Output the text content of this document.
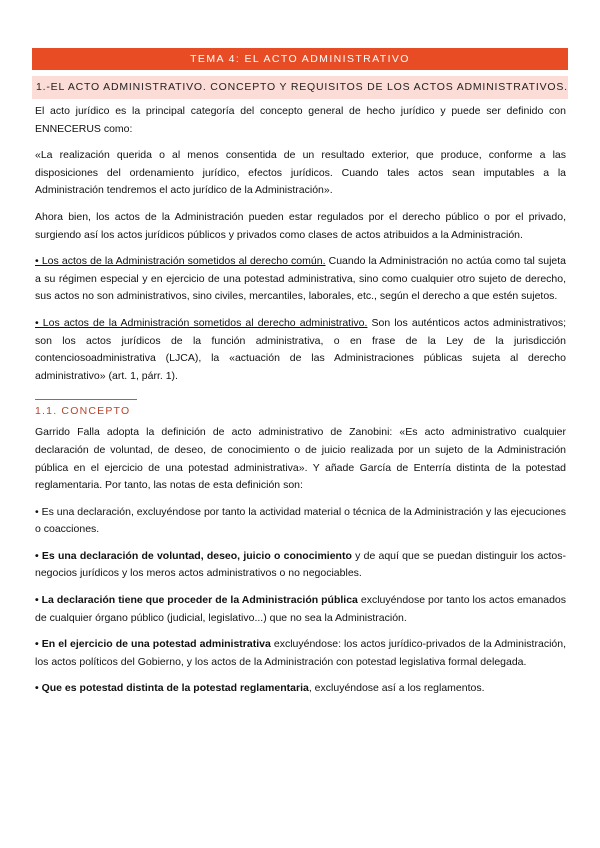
TEMA 4: EL ACTO ADMINISTRATIVO
1.-EL ACTO ADMINISTRATIVO. CONCEPTO Y REQUISITOS DE LOS ACTOS ADMINISTRATIVOS.

El acto jurídico es la principal categoría del concepto general de hecho jurídico y puede ser definido con ENNECERUS como:

«La realización querida o al menos consentida de un resultado exterior, que produce, conforme a las disposiciones del ordenamiento jurídico, efectos jurídicos. Cuando tales actos sean imputables a la Administración tendremos el acto jurídico de la Administración».

Ahora bien, los actos de la Administración pueden estar regulados por el derecho público o por el privado, surgiendo así los actos jurídicos públicos y privados como clases de actos atribuidos a la Administración.

• Los actos de la Administración sometidos al derecho común. Cuando la Administración no actúa como tal sujeta a su régimen especial y en ejercicio de una potestad administrativa, sino como cualquier otro sujeto de derecho, sus actos no son administrativos, sino civiles, mercantiles, laborales, etc., según el derecho a que estén sujetos.

• Los actos de la Administración sometidos al derecho administrativo. Son los auténticos actos administrativos; son los actos jurídicos de la función administrativa, o en frase de la Ley de la jurisdicción contenciosoadministrativa (LJCA), la «actuación de las Administraciones públicas sujeta al derecho administrativo» (art. 1, párr. 1).

1.1. CONCEPTO

Garrido Falla adopta la definición de acto administrativo de Zanobini: «Es acto administrativo cualquier declaración de voluntad, de deseo, de conocimiento o de juicio realizada por un sujeto de la Administración pública en el ejercicio de una potestad administrativa». Y añade García de Enterría distinta de la potestad reglamentaria. Por tanto, las notas de esta definición son:

• Es una declaración, excluyéndose por tanto la actividad material o técnica de la Administración y las ejecuciones o coacciones.

• Es una declaración de voluntad, deseo, juicio o conocimiento y de aquí que se puedan distinguir los actos-negocios jurídicos y los meros actos administrativos o no negociables.

• La declaración tiene que proceder de la Administración pública excluyéndose por tanto los actos emanados de cualquier órgano público (judicial, legislativo...) que no sea la Administración.

• En el ejercicio de una potestad administrativa excluyéndose: los actos jurídico-privados de la Administración, los actos políticos del Gobierno, y los actos de la Administración con potestad legislativa formal delegada.

• Que es potestad distinta de la potestad reglamentaria, excluyéndose así a los reglamentos.
